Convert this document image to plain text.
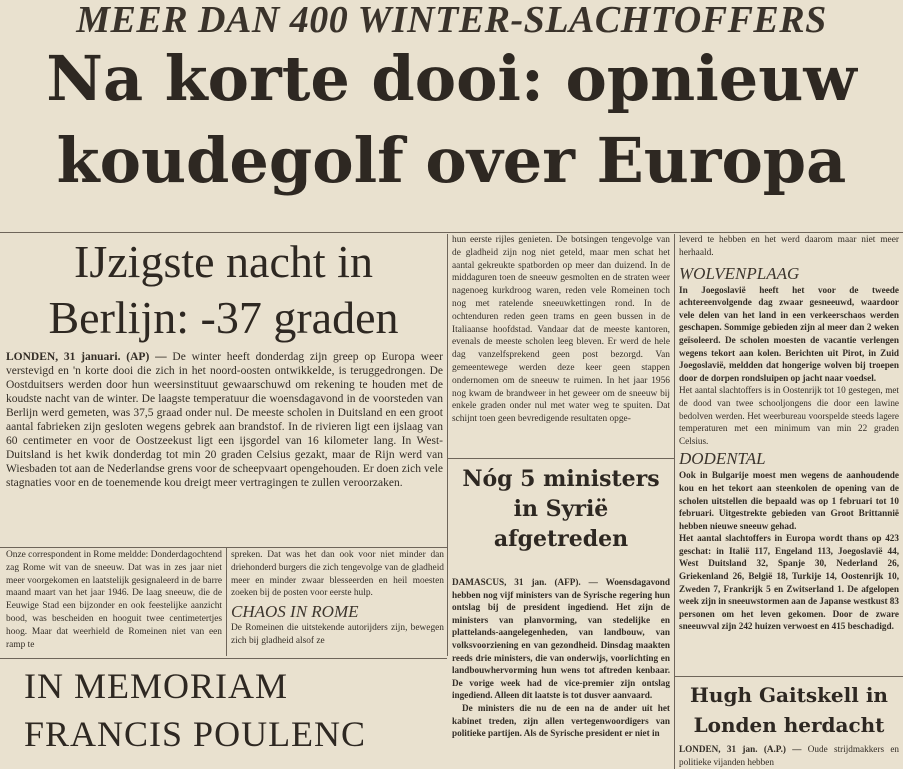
MEER DAN 400 WINTER-SLACHTOFFERS
Na korte dooi: opnieuw
koudegolf over Europa
IJzigste nacht in
Berlijn: -37 graden
LONDEN, 31 januari. (AP) — De winter heeft donderdag zijn greep op Europa weer verstevigd en 'n korte dooi die zich in het noord-oosten ontwikkelde, is teruggedrongen. De Oostduitsers werden door hun weersinstituut gewaarschuwd om rekening te houden met de koudste nacht van de winter. De laagste temperatuur die woensdagavond in de voorsteden van Berlijn werd gemeten, was 37,5 graad onder nul. De meeste scholen in Duitsland en een groot aantal fabrieken zijn gesloten wegens gebrek aan brandstof. In de rivieren ligt een ijslaag van 60 centimeter en voor de Oostzeekust ligt een ijsgordel van 16 kilometer lang. In West-Duitsland is het kwik donderdag tot min 20 graden Celsius gezakt, maar de Rijn werd van Wiesbaden tot aan de Nederlandse grens voor de scheepvaart opengehouden. Er doen zich vele stagnaties voor en de toenemende kou dreigt meer vertragingen te zullen veroorzaken.
Onze correspondent in Rome meldde: Donderdagochtend zag Rome wit van de sneeuw. Dat was in zes jaar niet meer voorgekomen en laatstelijk gesignaleerd in de barre maand maart van het jaar 1946. De laag sneeuw, die de Eeuwige Stad een bijzonder en ook feestelijke aanzicht bood, was bescheiden en hooguit twee centimetertjes hoog. Maar dat weerhield de Romeinen niet van een ramp te
spreken. Dat was het dan ook voor niet minder dan driehonderd burgers die zich tengevolge van de gladheid meer en minder zwaar blesseerden en heil moesten zoeken bij de posten voor eerste hulp.
CHAOS IN ROME
De Romeinen die uitstekende autorijders zijn, bewegen zich bij gladheid alsof ze
IN MEMORIAM
FRANCIS POULENC
hun eerste rijles genieten. De botsingen tengevolge van de gladheid zijn nog niet geteld, maar men schat het aantal gekreukte spatborden op meer dan duizend. In de middaguren toen de sneeuw gesmolten en de straten weer nagenoeg kurkdroog waren, reden vele Romeinen toch nog met ratelende sneeuwkettingen rond. In de ochtenduren reden geen trams en geen bussen in de Italiaanse hoofdstad. Vandaar dat de meeste kantoren, evenals de meeste scholen leeg bleven. Er werd de hele dag vanzelfsprekend geen post bezorgd. Van gemeentewege werden deze keer geen stappen ondernomen om de sneeuw te ruimen. In het jaar 1956 nog kwam de brandweer in het geweer om de sneeuw bij enkele graden onder nul met water weg te spuiten. Dat schijnt toen geen bevredigende resultaten opge-
Nóg 5 ministers
in Syrië
afgetreden
DAMASCUS, 31 jan. (AFP). — Woensdagavond hebben nog vijf ministers van de Syrische regering hun ontslag bij de president ingediend. Het zijn de ministers van planvorming, van stedelijke en plattelands-aangelegenheden, van landbouw, van volksvoorziening en van gezondheid. Dinsdag maakten reeds drie ministers, die van onderwijs, voorlichting en landbouwhervorming hun wens tot aftreden kenbaar. De vorige week had de vice-premier zijn ontslag ingediend. Alleen dit laatste is tot dusver aanvaard.
De ministers die nu de een na de ander uit het kabinet treden, zijn allen vertegenwoordigers van politieke partijen. Als de Syrische president er niet in
leverd te hebben en het werd daarom maar niet meer herhaald.
WOLVENPLAAG
In Joegoslavië heeft het voor de tweede achtereenvolgende dag zwaar gesneeuwd, waardoor vele delen van het land in een verkeerschaos werden geschapen. Sommige gebieden zijn al meer dan 2 weken geïsoleerd. De scholen moesten de vacantie verlengen wegens tekort aan kolen. Berichten uit Pirot, in Zuid Joegoslavië, meldden dat hongerige wolven bij troepen door de dorpen rondsluipen op jacht naar voedsel.
Het aantal slachtoffers is in Oostenrijk tot 10 gestegen, met de dood van twee schooljongens die door een lawine bedolven werden. Het weerbureau voorspelde steeds lagere temperaturen met een minimum van min 22 graden Celsius.
DODENTAL
Ook in Bulgarije moest men wegens de aanhoudende kou en het tekort aan steenkolen de opening van de scholen uitstellen die bepaald was op 1 februari tot 10 februari. Uitgestrekte gebieden van Groot Brittannië hebben nieuwe sneeuw gehad.
Het aantal slachtoffers in Europa wordt thans op 423 geschat: in Italië 117, Engeland 113, Joegoslavië 44, West Duitsland 32, Spanje 30, Nederland 26, Griekenland 26, België 18, Turkije 14, Oostenrijk 10, Zweden 7, Frankrijk 5 en Zwitserland 1. De afgelopen week zijn in sneeuwstormen aan de Japanse westkust 83 personen om het leven gekomen. Door de zware sneeuwval zijn 242 huizen verwoest en 415 beschadigd.
Hugh Gaitskell in
Londen herdacht
LONDEN, 31 jan. (A.P.) — Oude strijdmakkers en politieke vijanden hebben
